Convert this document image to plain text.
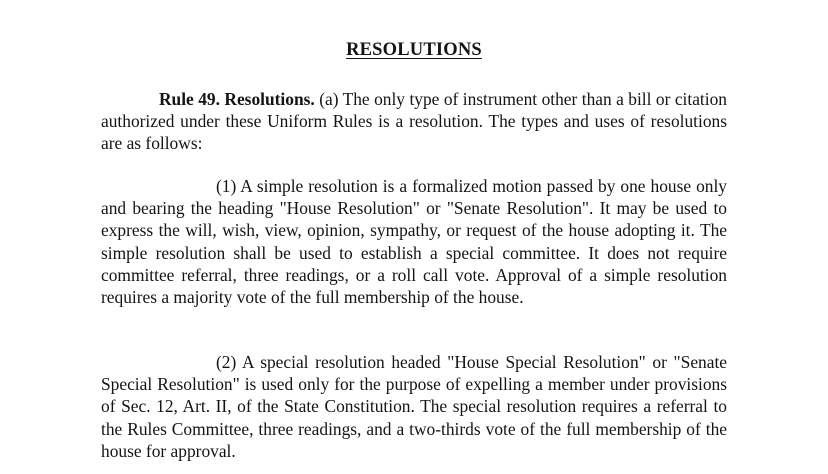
RESOLUTIONS
Rule 49. Resolutions. (a) The only type of instrument other than a bill or citation authorized under these Uniform Rules is a resolution. The types and uses of resolutions are as follows:
(1) A simple resolution is a formalized motion passed by one house only and bearing the heading "House Resolution" or "Senate Resolution". It may be used to express the will, wish, view, opinion, sympathy, or request of the house adopting it. The simple resolution shall be used to establish a special committee. It does not require committee referral, three readings, or a roll call vote. Approval of a simple resolution requires a majority vote of the full membership of the house.
(2) A special resolution headed "House Special Resolution" or "Senate Special Resolution" is used only for the purpose of expelling a member under provisions of Sec. 12, Art. II, of the State Constitution. The special resolution requires a referral to the Rules Committee, three readings, and a two-thirds vote of the full membership of the house for approval.
